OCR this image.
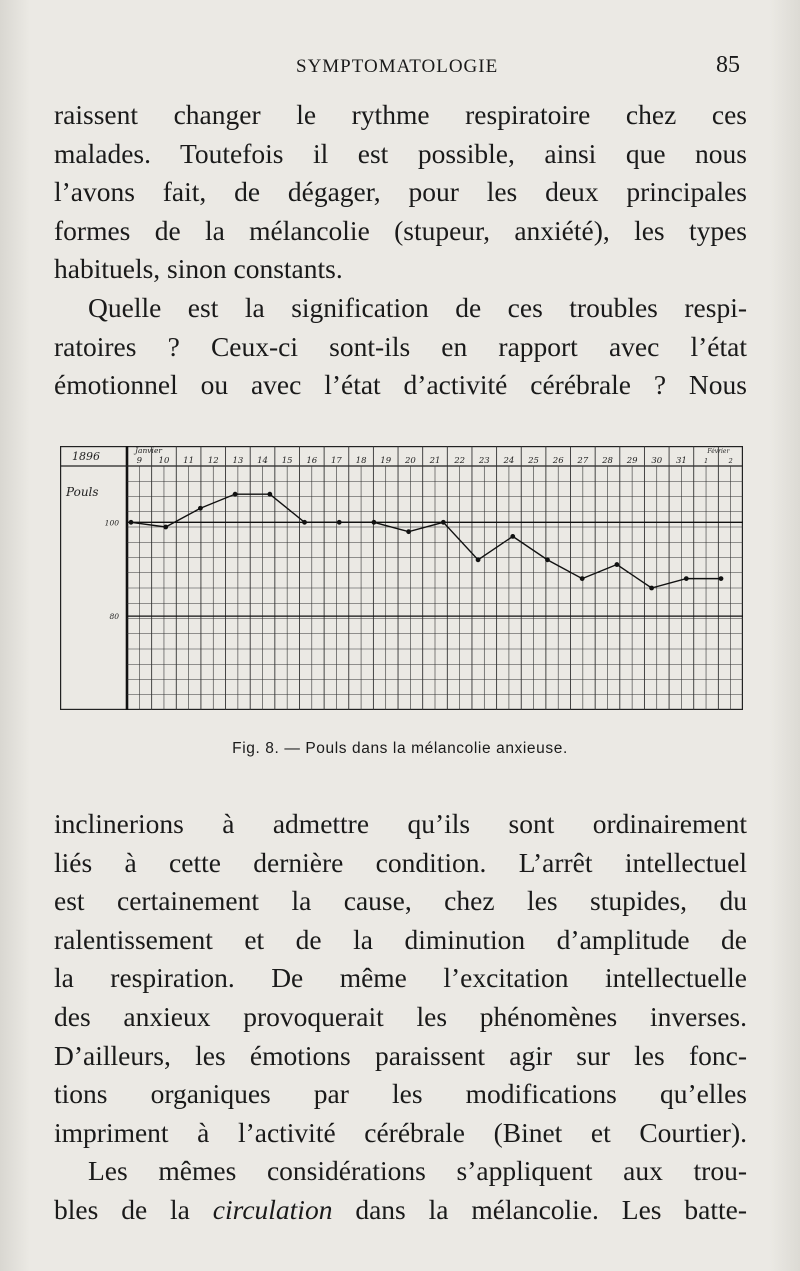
SYMPTOMATOLOGIE	85
raissent changer le rythme respiratoire chez ces
malades. Toutefois il est possible, ainsi que nous
l’avons fait, de dégager, pour les deux principales
formes de la mélancolie (stupeur, anxiété), les types
habituels, sinon constants.
Quelle est la signification de ces troubles respi-
ratoires ? Ceux-ci sont-ils en rapport avec l’état
émotionnel ou avec l’état d’activité cérébrale ? Nous
100
80
1896
Pouls
Janvier
9 10 11 12 13 14 15 16 17 18 19 20 21 22 23 24 25 26 27 28 29 30 31
Février
1	2
Fig. 8. — Pouls dans la mélancolie anxieuse.
inclinerions à admettre qu’ils sont ordinairement
liés à cette dernière condition. L’arrêt intellectuel
est certainement la cause, chez les stupides, du
ralentissement et de la diminution d’amplitude de
la respiration. De même l’excitation intellectuelle
des anxieux provoquerait les phénomènes inverses.
D’ailleurs, les émotions paraissent agir sur les fonc-
tions organiques par les modifications qu’elles
impriment à l’activité cérébrale (Binet et Courtier).
Les mêmes considérations s’appliquent aux trou-
bles de la circulation dans la mélancolie. Les batte-
